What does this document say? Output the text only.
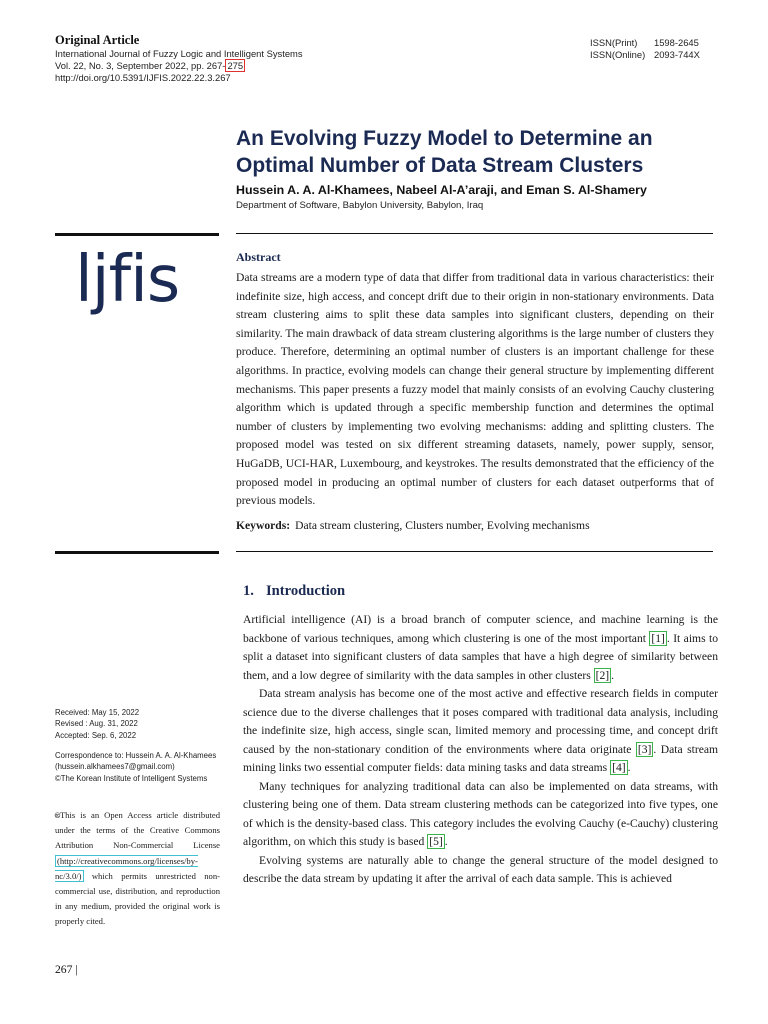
Original Article
International Journal of Fuzzy Logic and Intelligent Systems
Vol. 22, No. 3, September 2022, pp. 267- 275
http://doi.org/10.5391/IJFIS.2022.22.3.267
ISSN(Print) 1598-2645
ISSN(Online) 2093-744X
An Evolving Fuzzy Model to Determine an Optimal Number of Data Stream Clusters
Hussein A. A. Al-Khamees, Nabeel Al-A’araji, and Eman S. Al-Shamery
Department of Software, Babylon University, Babylon, Iraq
ljfis	Abstract
Data streams are a modern type of data that differ from traditional data in various characteristics: their indefinite size, high access, and concept drift due to their origin in non-stationary environments. Data stream clustering aims to split these data samples into significant clusters, depending on their similarity. The main drawback of data stream clustering algorithms is the large number of clusters they produce. Therefore, determining an optimal number of clusters is an important challenge for these algorithms. In practice, evolving models can change their general structure by implementing different mechanisms. This paper presents a fuzzy model that mainly consists of an evolving Cauchy clustering algorithm which is updated through a specific membership function and determines the optimal number of clusters by implementing two evolving mechanisms: adding and splitting clusters. The proposed model was tested on six different streaming datasets, namely, power supply, sensor, HuGaDB, UCI-HAR, Luxembourg, and keystrokes. The results demonstrated that the efficiency of the proposed model in producing an optimal number of clusters for each dataset outperforms that of previous models.
Keywords: Data stream clustering, Clusters number, Evolving mechanisms
1. Introduction

Artificial intelligence (AI) is a broad branch of computer science, and machine learning is the backbone of various techniques, among which clustering is one of the most important [1] . It aims to split a dataset into significant clusters of data samples that have a high degree of similarity between them, and a low degree of similarity with the data samples in other clusters [2] .

Data stream analysis has become one of the most active and effective research fields in computer science due to the diverse challenges that it poses compared with traditional data analysis, including the indefinite size, high access, single scan, limited memory and processing time, and concept drift caused by the non-stationary condition of the environments where data originate [3] . Data stream mining links two essential computer fields: data mining tasks and data streams [4] .

Many techniques for analyzing traditional data can also be implemented on data streams, with clustering being one of them. Data stream clustering methods can be categorized into five types, one of which is the density-based class. This category includes the evolving Cauchy (e-Cauchy) clustering algorithm, on which this study is based [5] .

Evolving systems are naturally able to change the general structure of the model designed to describe the data stream by updating it after the arrival of each data sample. This is achieved

Received: May 15, 2022
Revised : Aug. 31, 2022
Accepted: Sep. 6, 2022
Correspondence to: Hussein A. A. Al-Khamees
(hussein.alkhamees7@gmail.com)
©The Korean Institute of Intelligent Systems
🅭This is an Open Access article distributed under the terms of the Creative Commons Attribution Non-Commercial License (http://creativecommons.org/licenses/by-nc/3.0/) which permits unrestricted non-commercial use, distribution, and reproduction in any medium, provided the original work is properly cited.
267 |
